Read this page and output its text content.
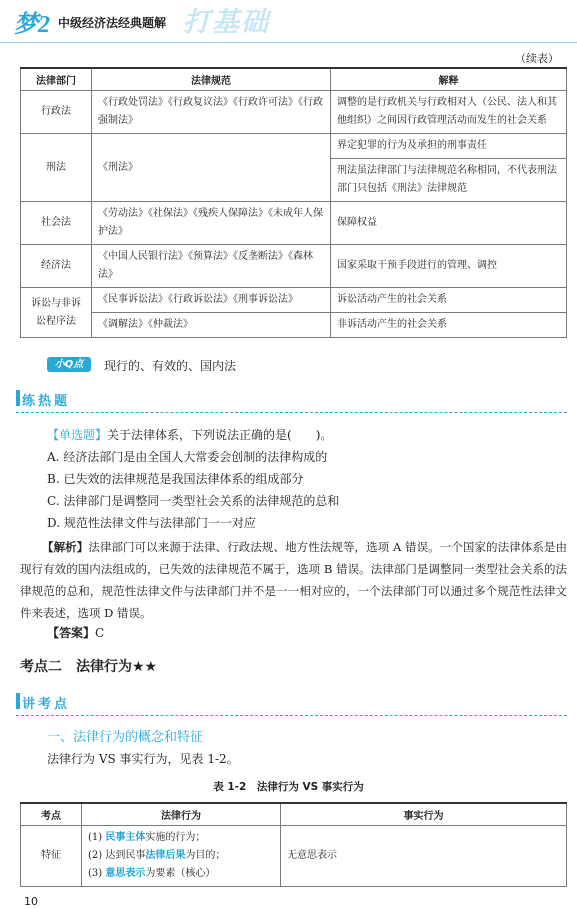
梦2 中级经济法经典题解 打基础
（续表）
法律部门	法律规范	解释
行政法	《行政处罚法》《行政复议法》《行政许可法》《行政强制法》	调整的是行政机关与行政相对人（公民、法人和其他组织）之间因行政管理活动而发生的社会关系
刑法	《刑法》	界定犯罪的行为及承担的刑事责任
		刑法虽法律部门与法律规范名称相同，不代表刑法部门只包括《刑法》法律规范
社会法	《劳动法》《社保法》《残疾人保障法》《未成年人保护法》	保障权益
经济法	《中国人民银行法》《预算法》《反垄断法》《森林法》	国家采取干预手段进行的管理、调控
诉讼与非诉讼程序法	《民事诉讼法》《行政诉讼法》《刑事诉讼法》	诉讼活动产生的社会关系
	《调解法》《仲裁法》	非诉活动产生的社会关系
小Q点	现行的、有效的、国内法
练热题
【单选题】关于法律体系，下列说法正确的是(　　)。
A. 经济法部门是由全国人大常委会创制的法律构成的
B. 已失效的法律规范是我国法律体系的组成部分
C. 法律部门是调整同一类型社会关系的法律规范的总和
D. 规范性法律文件与法律部门一一对应
【解析】法律部门可以来源于法律、行政法规、地方性法规等，选项 A 错误。一个国家的法律体系是由现行有效的国内法组成的，已失效的法律规范不属于，选项 B 错误。法律部门是调整同一类型社会关系的法律规范的总和，规范性法律文件与法律部门并不是一一相对应的，一个法律部门可以通过多个规范性法律文件来表述，选项 D 错误。
【答案】C
考点二　法律行为★★
讲考点
一、法律行为的概念和特征
法律行为 VS 事实行为，见表 1-2。
表 1-2　法律行为 VS 事实行为
考点	法律行为	事实行为
特征	(1) 民事主体实施的行为；
(2) 达到民事法律后果为目的；
(3) 意思表示为要素（核心）	无意思表示
10
